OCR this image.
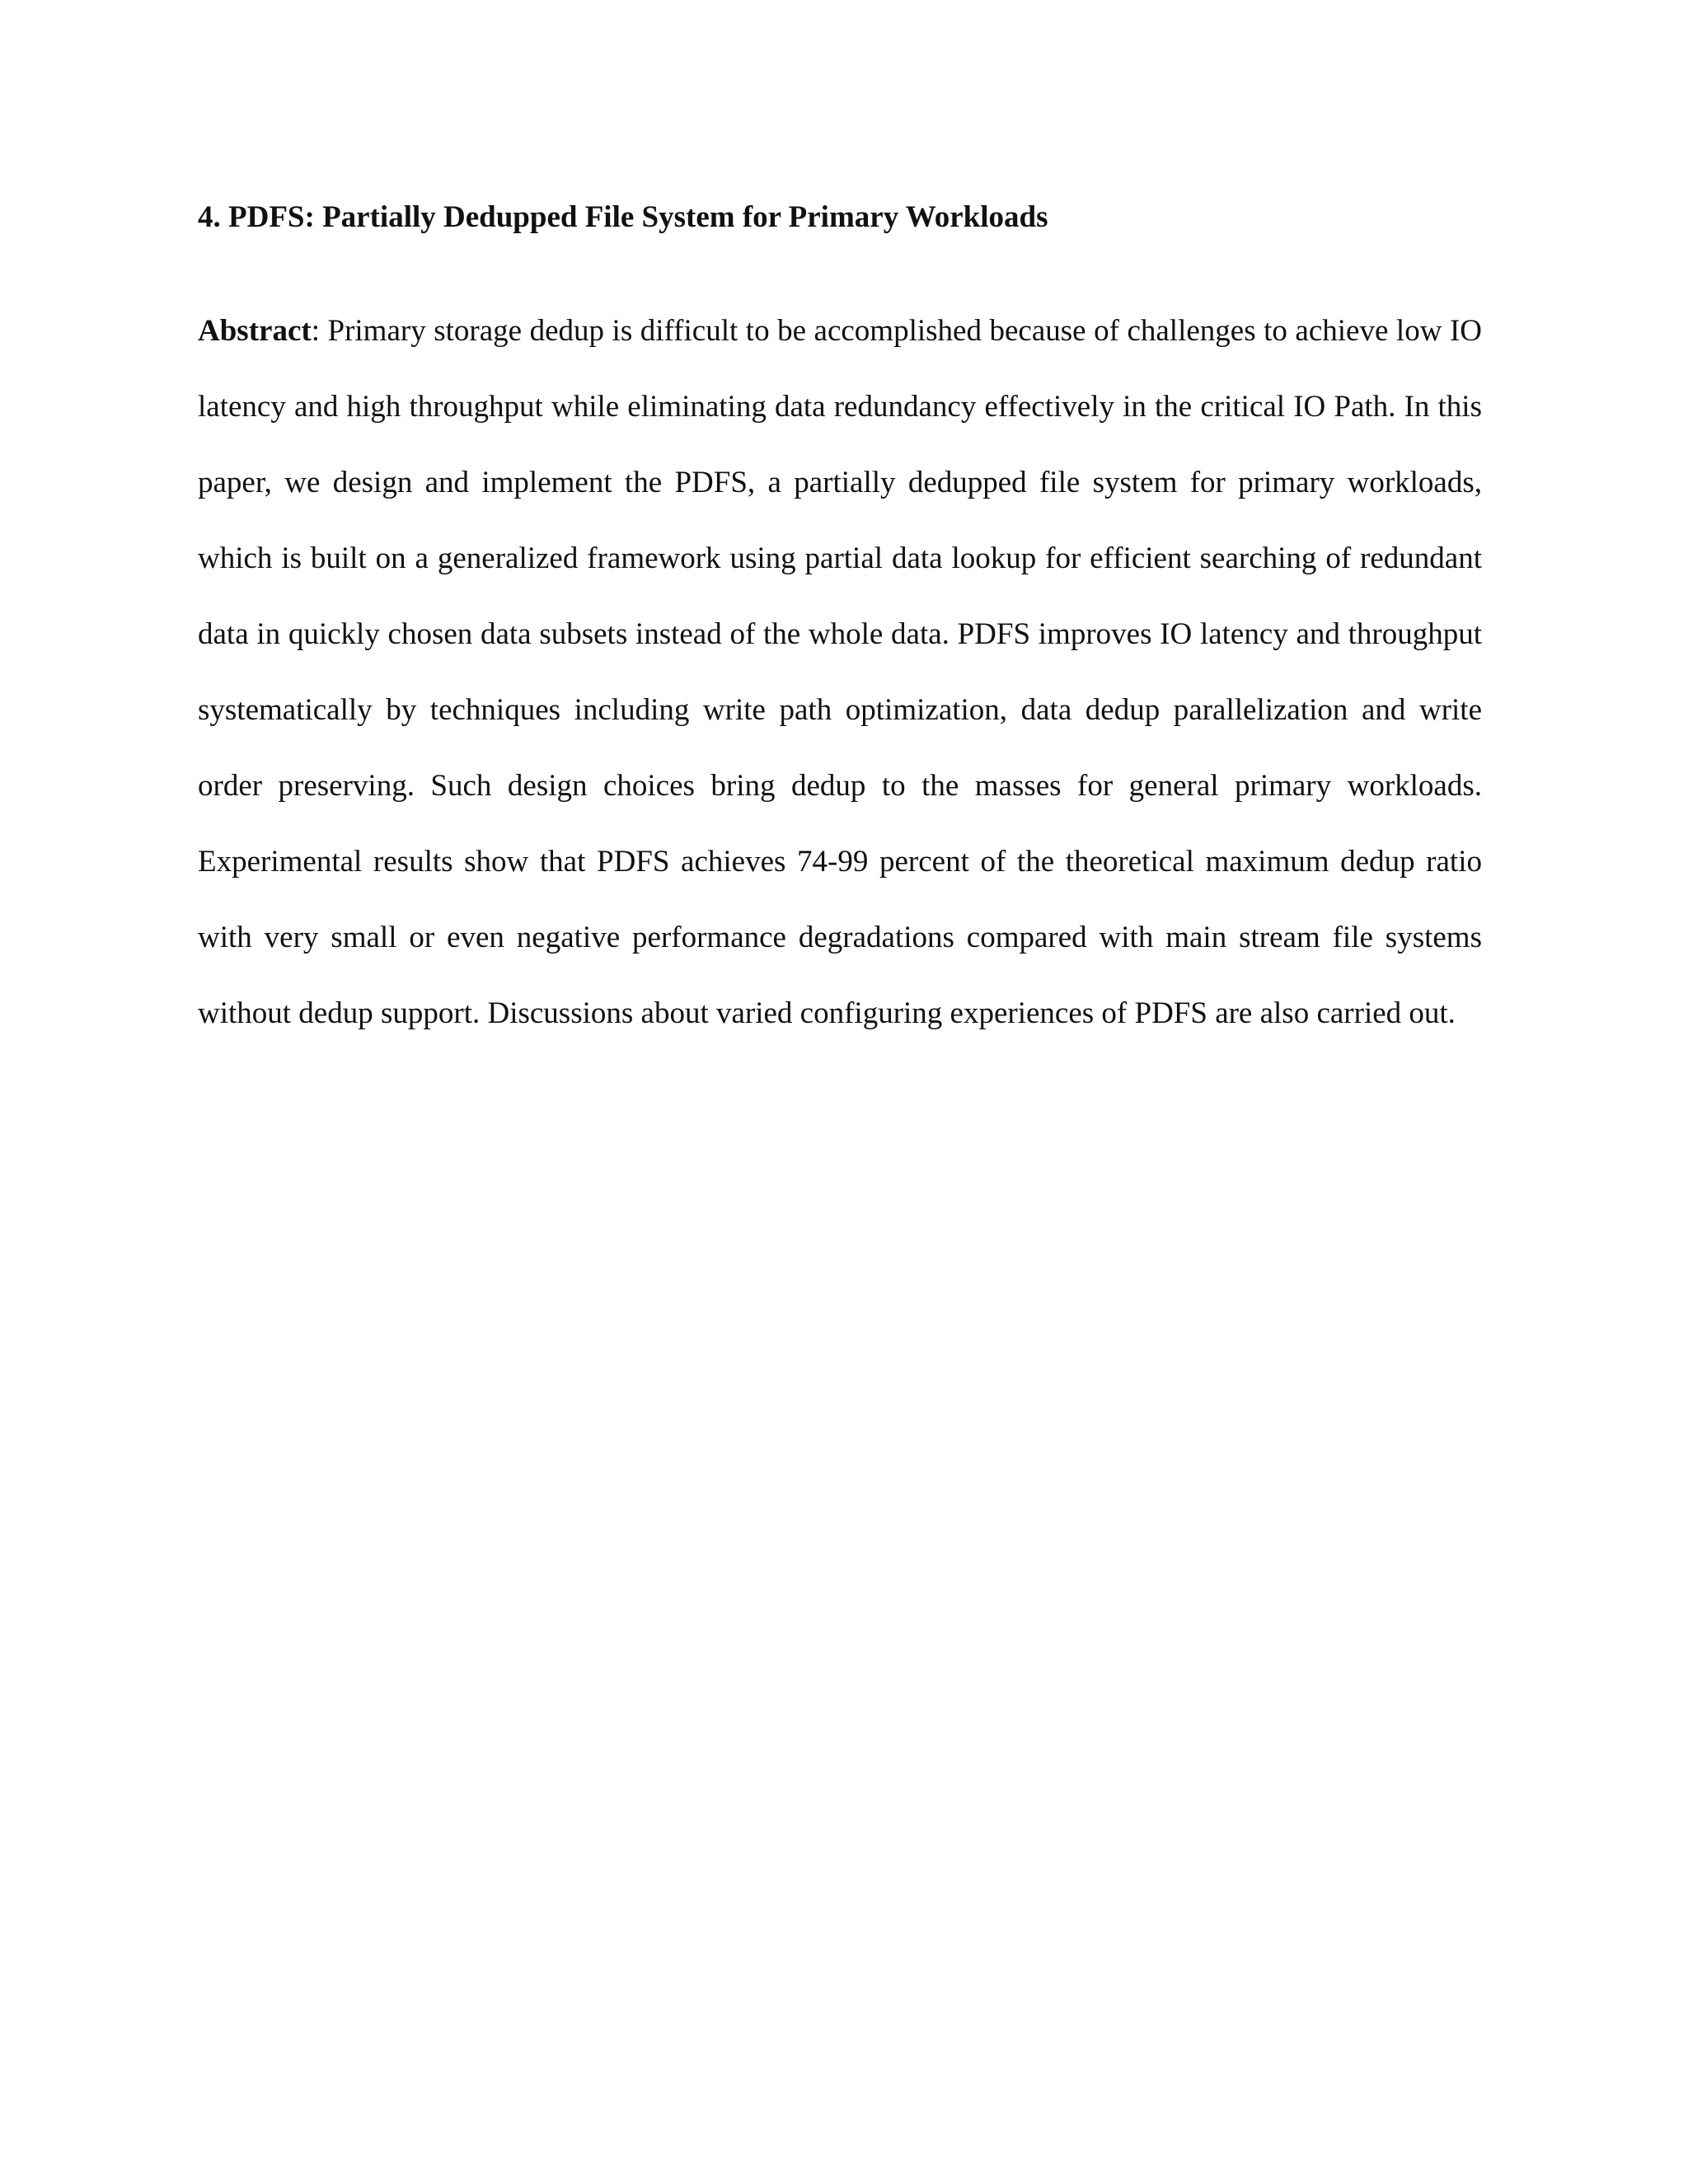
4. PDFS: Partially Dedupped File System for Primary Workloads

Abstract: Primary storage dedup is difficult to be accomplished because of challenges to achieve low IO latency and high throughput while eliminating data redundancy effectively in the critical IO Path. In this paper, we design and implement the PDFS, a partially dedupped file system for primary workloads, which is built on a generalized framework using partial data lookup for efficient searching of redundant data in quickly chosen data subsets instead of the whole data. PDFS improves IO latency and throughput systematically by techniques including write path optimization, data dedup parallelization and write order preserving. Such design choices bring dedup to the masses for general primary workloads. Experimental results show that PDFS achieves 74-99 percent of the theoretical maximum dedup ratio with very small or even negative performance degradations compared with main stream file systems without dedup support. Discussions about varied configuring experiences of PDFS are also carried out.
